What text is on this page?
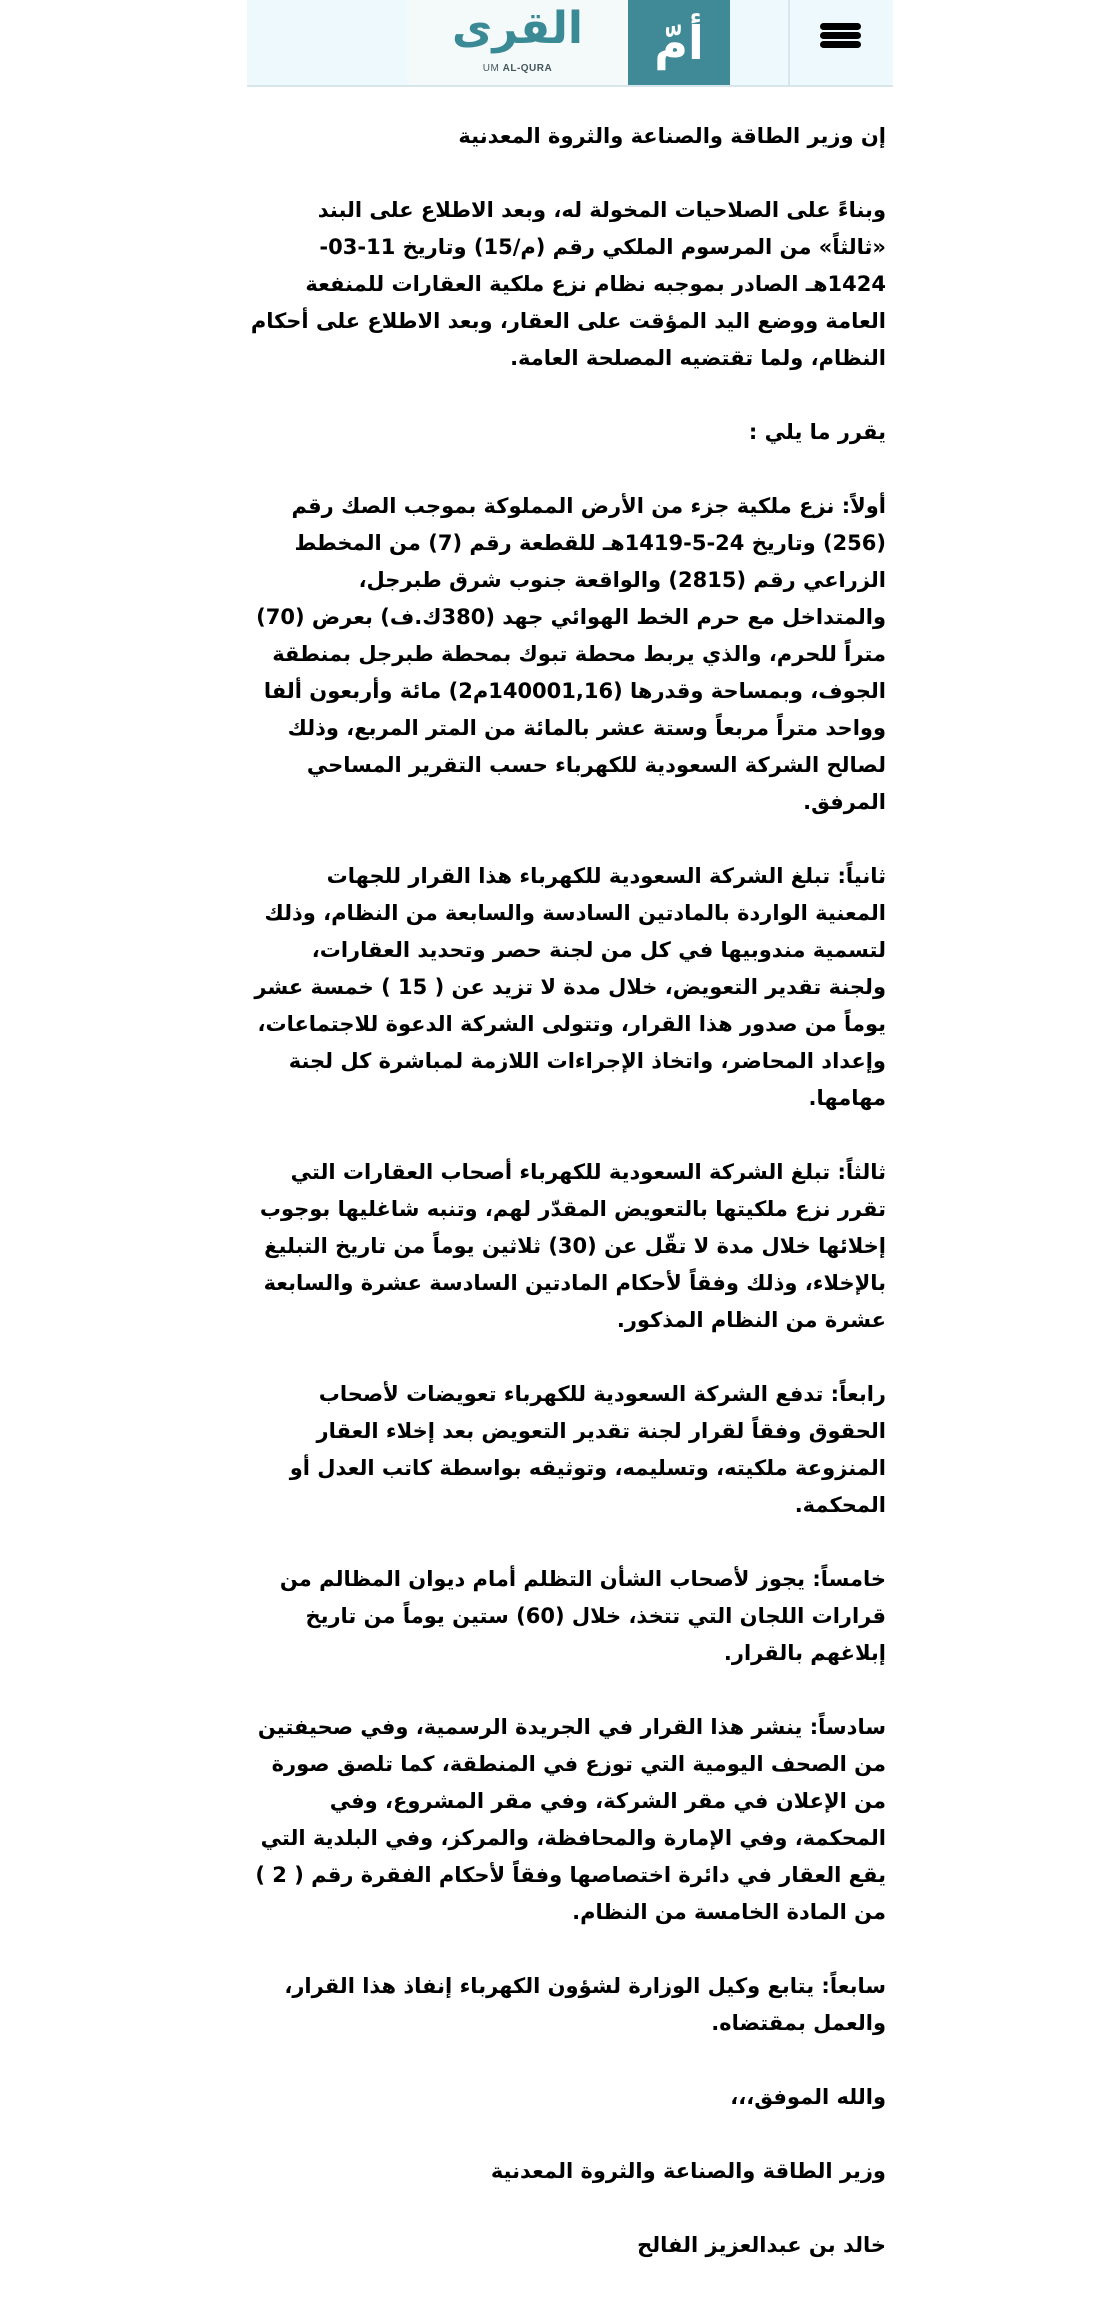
القرى
UM AL-QURA	أمّ

إن وزير الطاقة والصناعة والثروة المعدنية

وبناءً على الصلاحيات المخولة له، وبعد الاطلاع على البند «ثالثاً» من المرسوم الملكي رقم (م/15) وتاريخ 11-03-1424هـ الصادر بموجبه نظام نزع ملكية العقارات للمنفعة العامة ووضع اليد المؤقت على العقار، وبعد الاطلاع على أحكام النظام، ولما تقتضيه المصلحة العامة.

يقرر ما يلي :

أولاً: نزع ملكية جزء من الأرض المملوكة بموجب الصك رقم (256) وتاريخ 24-5-1419هـ للقطعة رقم (7) من المخطط الزراعي رقم (2815) والواقعة جنوب شرق طبرجل، والمتداخل مع حرم الخط الهوائي جهد (380ك.ف) بعرض (70) متراً للحرم، والذي يربط محطة تبوك بمحطة طبرجل بمنطقة الجوف، وبمساحة وقدرها (140001,16م2) مائة وأربعون ألفا وواحد متراً مربعاً وستة عشر بالمائة من المتر المربع، وذلك لصالح الشركة السعودية للكهرباء حسب التقرير المساحي المرفق.

ثانياً: تبلغ الشركة السعودية للكهرباء هذا القرار للجهات المعنية الواردة بالمادتين السادسة والسابعة من النظام، وذلك لتسمية مندوبيها في كل من لجنة حصر وتحديد العقارات، ولجنة تقدير التعويض، خلال مدة لا تزيد عن ( 15 ) خمسة عشر يوماً من صدور هذا القرار، وتتولى الشركة الدعوة للاجتماعات، وإعداد المحاضر، واتخاذ الإجراءات اللازمة لمباشرة كل لجنة مهامها.

ثالثاً: تبلغ الشركة السعودية للكهرباء أصحاب العقارات التي تقرر نزع ملكيتها بالتعويض المقدّر لهم، وتنبه شاغليها بوجوب إخلائها خلال مدة لا تقّل عن (30) ثلاثين يوماً من تاريخ التبليغ بالإخلاء، وذلك وفقاً لأحكام المادتين السادسة عشرة والسابعة عشرة من النظام المذكور.

رابعاً: تدفع الشركة السعودية للكهرباء تعويضات لأصحاب الحقوق وفقاً لقرار لجنة تقدير التعويض بعد إخلاء العقار المنزوعة ملكيته، وتسليمه، وتوثيقه بواسطة كاتب العدل أو المحكمة.

خامساً: يجوز لأصحاب الشأن التظلم أمام ديوان المظالم من قرارات اللجان التي تتخذ، خلال (60) ستين يوماً من تاريخ إبلاغهم بالقرار.

سادساً: ينشر هذا القرار في الجريدة الرسمية، وفي صحيفتين من الصحف اليومية التي توزع في المنطقة، كما تلصق صورة من الإعلان في مقر الشركة، وفي مقر المشروع، وفي المحكمة، وفي الإمارة والمحافظة، والمركز، وفي البلدية التي يقع العقار في دائرة اختصاصها وفقاً لأحكام الفقرة رقم ( 2 ) من المادة الخامسة من النظام.

سابعاً: يتابع وكيل الوزارة لشؤون الكهرباء إنفاذ هذا القرار، والعمل بمقتضاه.

والله الموفق،،،

وزير الطاقة والصناعة والثروة المعدنية

خالد بن عبدالعزيز الفالح
